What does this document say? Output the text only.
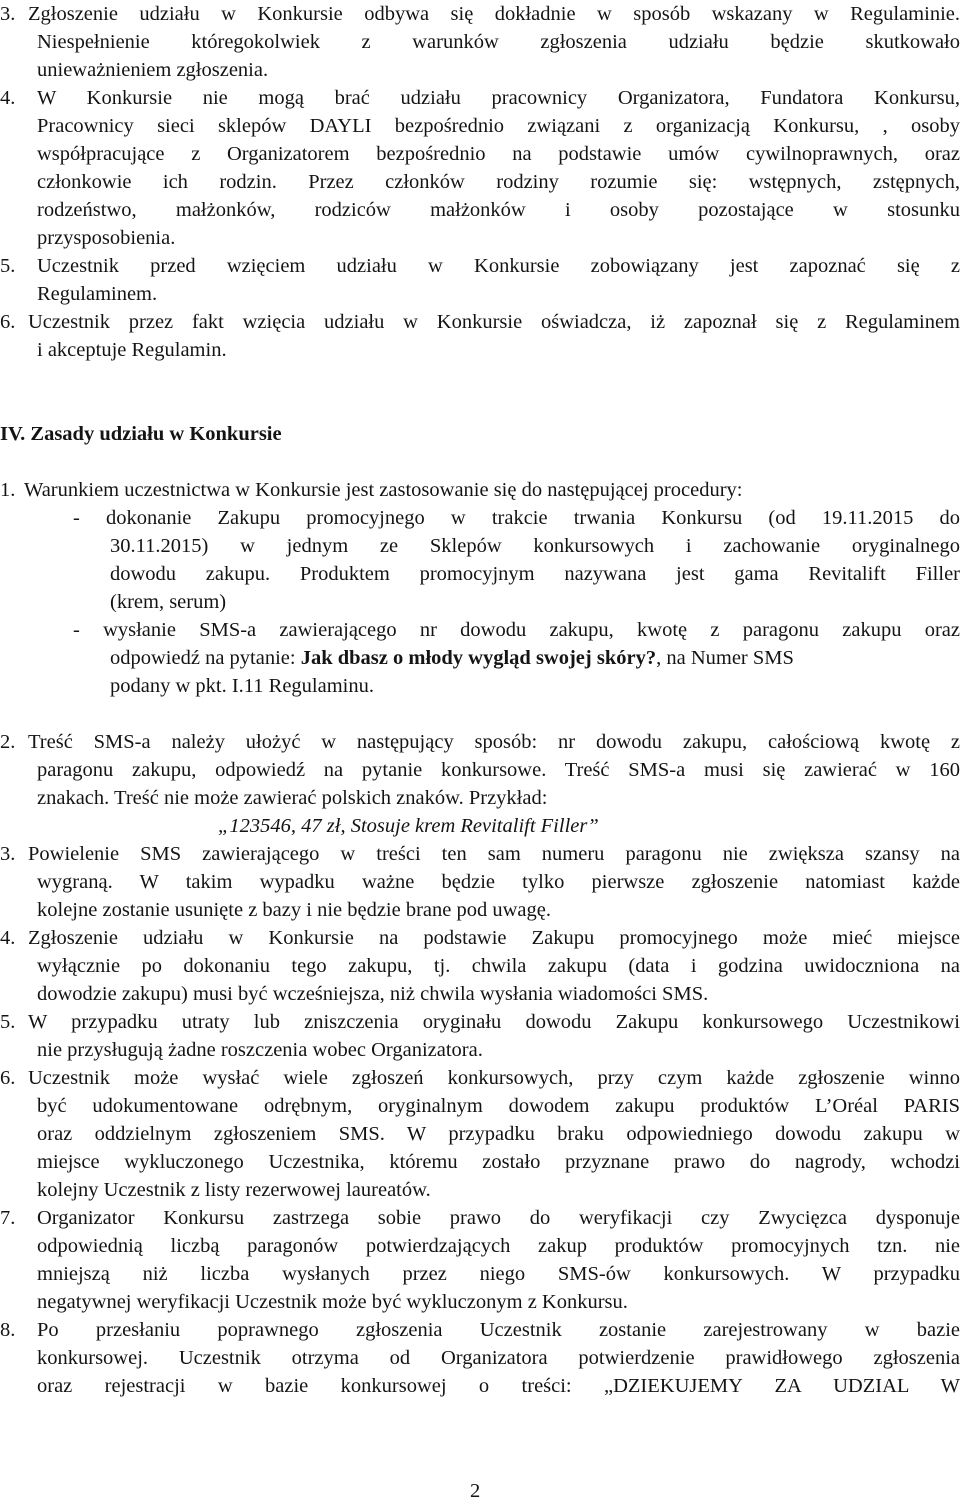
3. Zgłoszenie udziału w Konkursie odbywa się dokładnie w sposób wskazany w Regulaminie.
Niespełnienie któregokolwiek z warunków zgłoszenia udziału będzie skutkowało
unieważnieniem zgłoszenia.
4. W Konkursie nie mogą brać udziału pracownicy Organizatora, Fundatora Konkursu,
Pracownicy sieci sklepów DAYLI bezpośrednio związani z organizacją Konkursu, , osoby
współpracujące z Organizatorem bezpośrednio na podstawie umów cywilnoprawnych, oraz
członkowie ich rodzin. Przez członków rodziny rozumie się: wstępnych, zstępnych,
rodzeństwo, małżonków, rodziców małżonków i osoby pozostające w stosunku
przysposobienia.
5. Uczestnik przed wzięciem udziału w Konkursie zobowiązany jest zapoznać się z
Regulaminem.
6. Uczestnik przez fakt wzięcia udziału w Konkursie oświadcza, iż zapoznał się z Regulaminem
i akceptuje Regulamin.
IV. Zasady udziału w Konkursie
1. Warunkiem uczestnictwa w Konkursie jest zastosowanie się do następującej procedury:
- dokonanie Zakupu promocyjnego w trakcie trwania Konkursu (od 19.11.2015 do
30.11.2015) w jednym ze Sklepów konkursowych i zachowanie oryginalnego
dowodu zakupu. Produktem promocyjnym nazywana jest gama Revitalift Filler
(krem, serum)
- wysłanie SMS-a zawierającego nr dowodu zakupu, kwotę z paragonu zakupu oraz
odpowiedź na pytanie: Jak dbasz o młody wygląd swojej skóry?, na Numer SMS
podany w pkt. I.11 Regulaminu.
2. Treść SMS-a należy ułożyć w następujący sposób: nr dowodu zakupu, całościową kwotę z
paragonu zakupu, odpowiedź na pytanie konkursowe. Treść SMS-a musi się zawierać w 160
znakach. Treść nie może zawierać polskich znaków. Przykład:
„123546, 47 zł, Stosuje krem Revitalift Filler”
3. Powielenie SMS zawierającego w treści ten sam numeru paragonu nie zwiększa szansy na
wygraną. W takim wypadku ważne będzie tylko pierwsze zgłoszenie natomiast każde
kolejne zostanie usunięte z bazy i nie będzie brane pod uwagę.
4. Zgłoszenie udziału w Konkursie na podstawie Zakupu promocyjnego może mieć miejsce
wyłącznie po dokonaniu tego zakupu, tj. chwila zakupu (data i godzina uwidoczniona na
dowodzie zakupu) musi być wcześniejsza, niż chwila wysłania wiadomości SMS.
5. W przypadku utraty lub zniszczenia oryginału dowodu Zakupu konkursowego Uczestnikowi
nie przysługują żadne roszczenia wobec Organizatora.
6. Uczestnik może wysłać wiele zgłoszeń konkursowych, przy czym każde zgłoszenie winno
być udokumentowane odrębnym, oryginalnym dowodem zakupu produktów L’Oréal PARIS
oraz oddzielnym zgłoszeniem SMS. W przypadku braku odpowiedniego dowodu zakupu w
miejsce wykluczonego Uczestnika, któremu zostało przyznane prawo do nagrody, wchodzi
kolejny Uczestnik z listy rezerwowej laureatów.
7. Organizator Konkursu zastrzega sobie prawo do weryfikacji czy Zwycięzca dysponuje
odpowiednią liczbą paragonów potwierdzających zakup produktów promocyjnych tzn. nie
mniejszą niż liczba wysłanych przez niego SMS-ów konkursowych. W przypadku
negatywnej weryfikacji Uczestnik może być wykluczonym z Konkursu.
8. Po przesłaniu poprawnego zgłoszenia Uczestnik zostanie zarejestrowany w bazie
konkursowej. Uczestnik otrzyma od Organizatora potwierdzenie prawidłowego zgłoszenia
oraz rejestracji w bazie konkursowej o treści: „DZIEKUJEMY ZA UDZIAL W
2
